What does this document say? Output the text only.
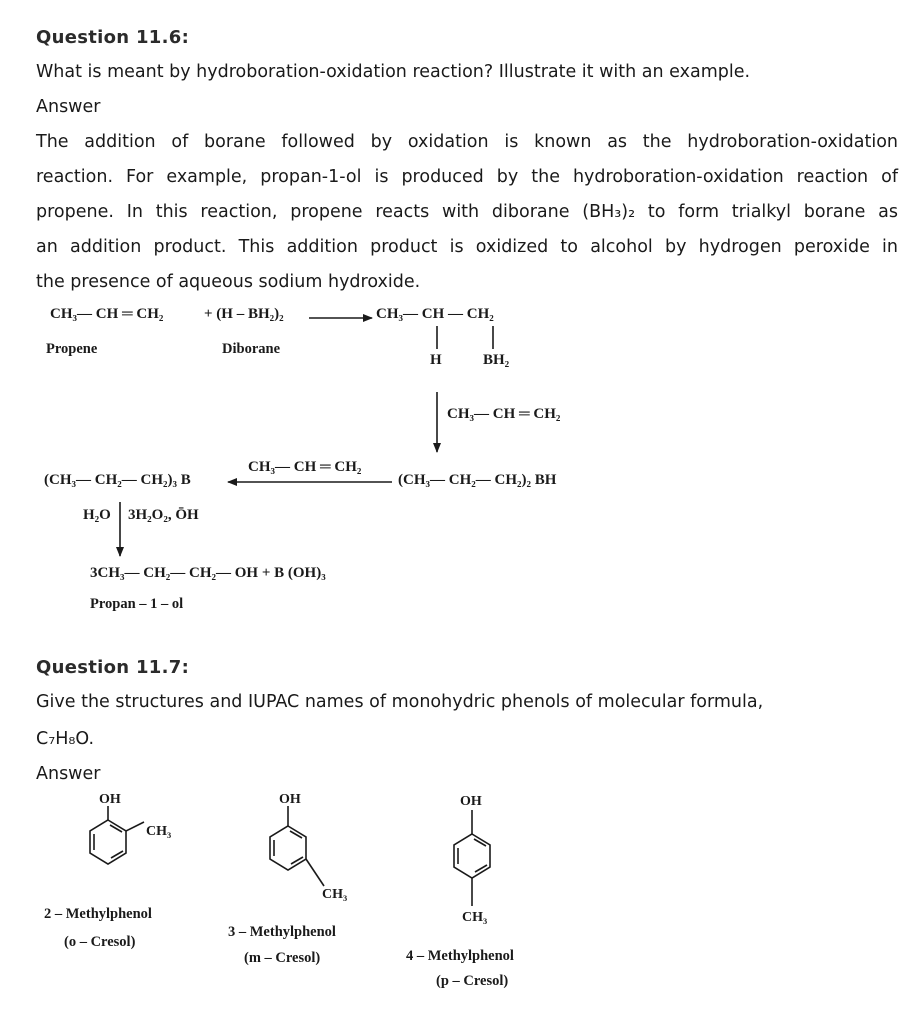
Question 11.6:
What is meant by hydroboration-oxidation reaction? Illustrate it with an example.
Answer
The addition of borane followed by oxidation is known as the hydroboration-oxidation
reaction. For example, propan-1-ol is produced by the hydroboration-oxidation reaction of
propene. In this reaction, propene reacts with diborane (BH₃)₂ to form trialkyl borane as
an addition product. This addition product is oxidized to alcohol by hydrogen peroxide in
the presence of aqueous sodium hydroxide.
CH₃— CH ═ CH₂	+ (H – BH₂)₂
Propene	Diborane
CH₃— CH — CH₂
H	BH₂
CH₃— CH ═ CH₂
(CH₃— CH₂— CH₂)₂ BH
CH₃— CH ═ CH₂
(CH₃— CH₂— CH₂)₃ B
H₂O 3H₂O₂, ŌH
3CH₃— CH₂— CH₂— OH + B (OH)₃
Propan – 1 – ol
Question 11.7:
Give the structures and IUPAC names of monohydric phenols of molecular formula,
C₇H₈O.
Answer
OH
CH₃
2 – Methylphenol
(o – Cresol)
OH
CH₃
3 – Methylphenol
(m – Cresol)
OH
CH₃
4 – Methylphenol
(p – Cresol)
